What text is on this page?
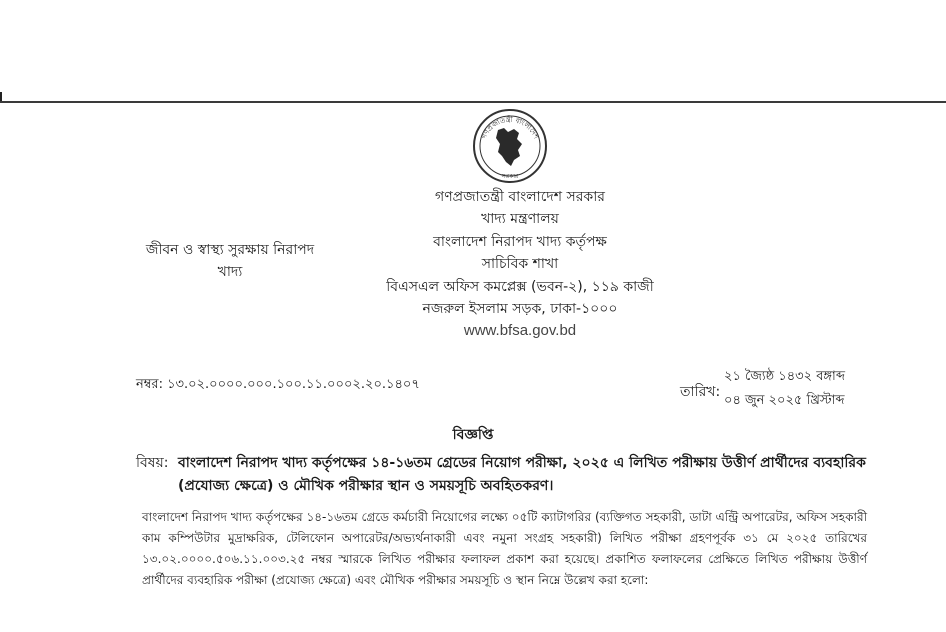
গণপ্রজাতন্ত্রী বাংলাদেশ
সরকার
গণপ্রজাতন্ত্রী বাংলাদেশ সরকার
খাদ্য মন্ত্রণালয়
বাংলাদেশ নিরাপদ খাদ্য কর্তৃপক্ষ
সাচিবিক শাখা
বিএসএল অফিস কমপ্লেক্স (ভবন-২), ১১৯ কাজী
নজরুল ইসলাম সড়ক, ঢাকা-১০০০
www.bfsa.gov.bd
জীবন ও স্বাস্থ্য সুরক্ষায় নিরাপদ
খাদ্য
নম্বর: ১৩.০২.০০০০.০০০.১০০.১১.০০০২.২০.১৪০৭	তারিখ:
২১ জ্যৈষ্ঠ ১৪৩২ বঙ্গাব্দ
০৪ জুন ২০২৫ খ্রিস্টাব্দ
বিজ্ঞপ্তি
বিষয়: বাংলাদেশ নিরাপদ খাদ্য কর্তৃপক্ষের ১৪-১৬তম গ্রেডের নিয়োগ পরীক্ষা, ২০২৫ এ লিখিত পরীক্ষায় উত্তীর্ণ প্রার্থীদের ব্যবহারিক (প্রযোজ্য ক্ষেত্রে) ও মৌখিক পরীক্ষার স্থান ও সময়সূচি অবহিতকরণ।
বাংলাদেশ নিরাপদ খাদ্য কর্তৃপক্ষের ১৪-১৬তম গ্রেডে কর্মচারী নিয়োগের লক্ষ্যে ০৫টি ক্যাটাগরির (ব্যক্তিগত সহকারী, ডাটা এন্ট্রি অপারেটর, অফিস সহকারী কাম কম্পিউটার মুদ্রাক্ষরিক, টেলিফোন অপারেটর/অভ্যর্থনাকারী এবং নমুনা সংগ্রহ সহকারী) লিখিত পরীক্ষা গ্রহণপূর্বক ৩১ মে ২০২৫ তারিখের ১৩.০২.০০০০.৫০৬.১১.০০৩.২৫ নম্বর স্মারকে লিখিত পরীক্ষার ফলাফল প্রকাশ করা হয়েছে। প্রকাশিত ফলাফলের প্রেক্ষিতে লিখিত পরীক্ষায় উত্তীর্ণ প্রার্থীদের ব্যবহারিক পরীক্ষা (প্রযোজ্য ক্ষেত্রে) এবং মৌখিক পরীক্ষার সময়সূচি ও স্থান নিম্নে উল্লেখ করা হলো:
